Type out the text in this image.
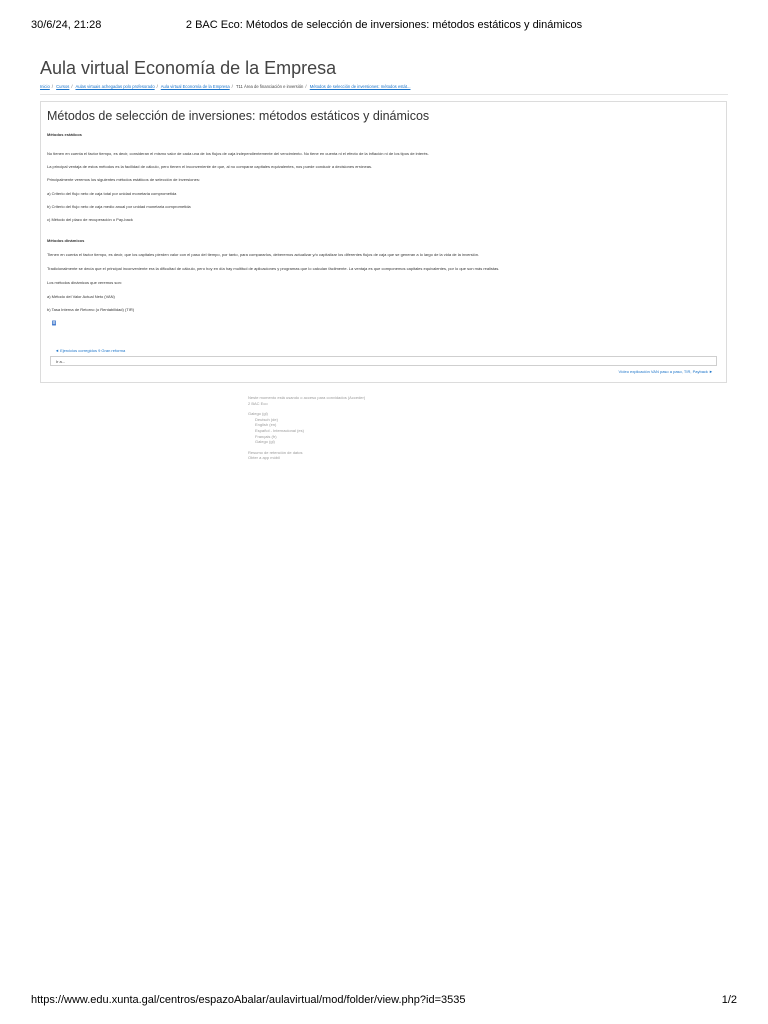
30/6/24, 21:28	2 BAC Eco: Métodos de selección de inversiones: métodos estáticos y dinámicos
Aula virtual Economía de la Empresa
Inicio / Cursos / Aulas virtuais achegadas polo profesorado / Aula virtual Economía de la Empresa / T11 Área de financiación e inversión / Métodos de selección de inversiones: métodos estát...
Métodos de selección de inversiones: métodos estáticos y dinámicos
Métodos estáticos
No tienen en cuenta el factor tiempo, es decir, consideran el mismo valor de cada una de los flujos de caja independientemente del vencimiento. No tiene en cuenta ni el efecto de la inflación ni de los tipos de interés.
La principal ventaja de estos métodos es la facilidad de cálculo, pero tienen el inconveniente de que, al no comparar capitales equivalentes, nos puede conducir a decisiones erróneas.
Principalmente veremos los siguientes métodos estáticos de selección de inversiones:
a) Criterio del flujo neto de caja total por unidad monetaria comprometida
b) Criterio del flujo neto de caja medio anual por unidad monetaria comprometida
c) Método del plazo de recuperación o Pay-back
Métodos dinámicos
Tienen en cuenta el factor tiempo, es decir, que los capitales pierden valor con el paso del tiempo, por tanto, para compararlos, deberemos actualizar y/o capitalizar los diferentes flujos de caja que se generan a lo largo de la vida de la inversión.
Tradicionalmente se decía que el principal inconveniente era la dificultad de cálculo, pero hoy en día hay multitud de aplicaciones y programas que lo calculan fácilmente. La ventaja es que componemos capitales equivalentes, por lo que son más realistas.
Los métodos dinámicos que veremos son:
a) Método del Valor Actual Neto (VAN)
b) Tasa Interna de Retorno (o Rentabilidad) (TIR)
◄ Ejercicios corregidos 9 Gran reforma
Ir a...
Vídeo explicación VAN paso a paso, TIR, Payback ►
Neste momento está usando o acceso para convidados (Acceder)
2 BAC Eco
Galego (gl)
Deutsch (de)
English (en)
Español - Internacional (es)
Français (fr)
Galego (gl)
Resumo de retención de datos
Obter a app móbil
https://www.edu.xunta.gal/centros/espazoAbalar/aulavirtual/mod/folder/view.php?id=3535	1/2
